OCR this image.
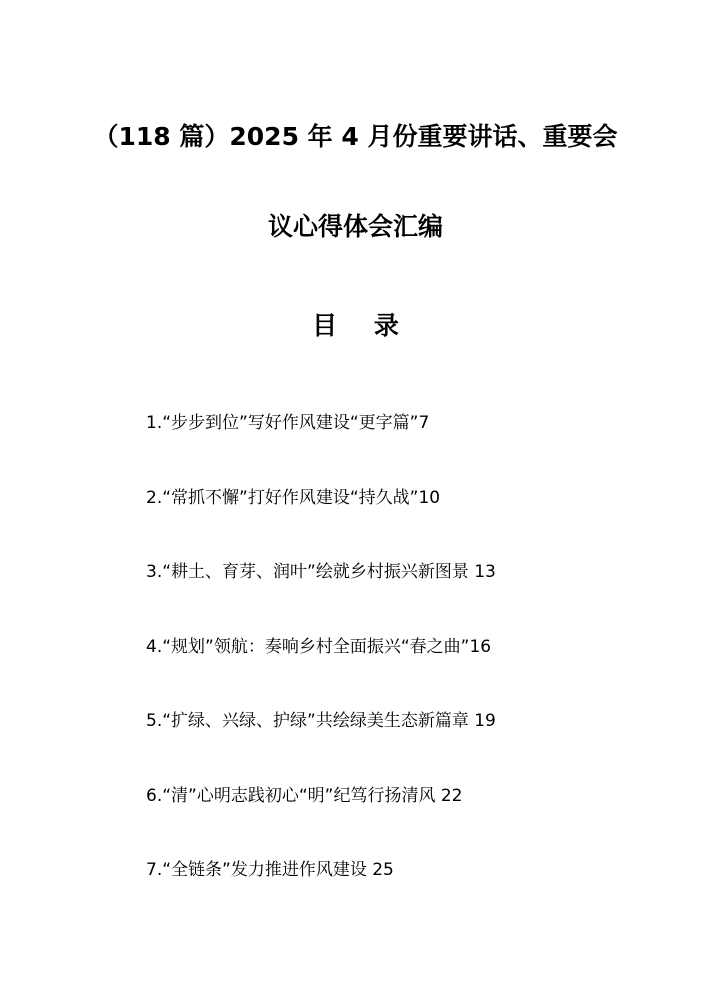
（118 篇）2025 年 4 月份重要讲话、重要会
议心得体会汇编
目 录
1.“步步到位”写好作风建设“更字篇”7
2.“常抓不懈”打好作风建设“持久战”10
3.“耕土、育芽、润叶”绘就乡村振兴新图景 13
4.“规划”领航：奏响乡村全面振兴“春之曲”16
5.“扩绿、兴绿、护绿”共绘绿美生态新篇章 19
6.“清”心明志践初心“明”纪笃行扬清风 22
7.“全链条”发力推进作风建设 25
